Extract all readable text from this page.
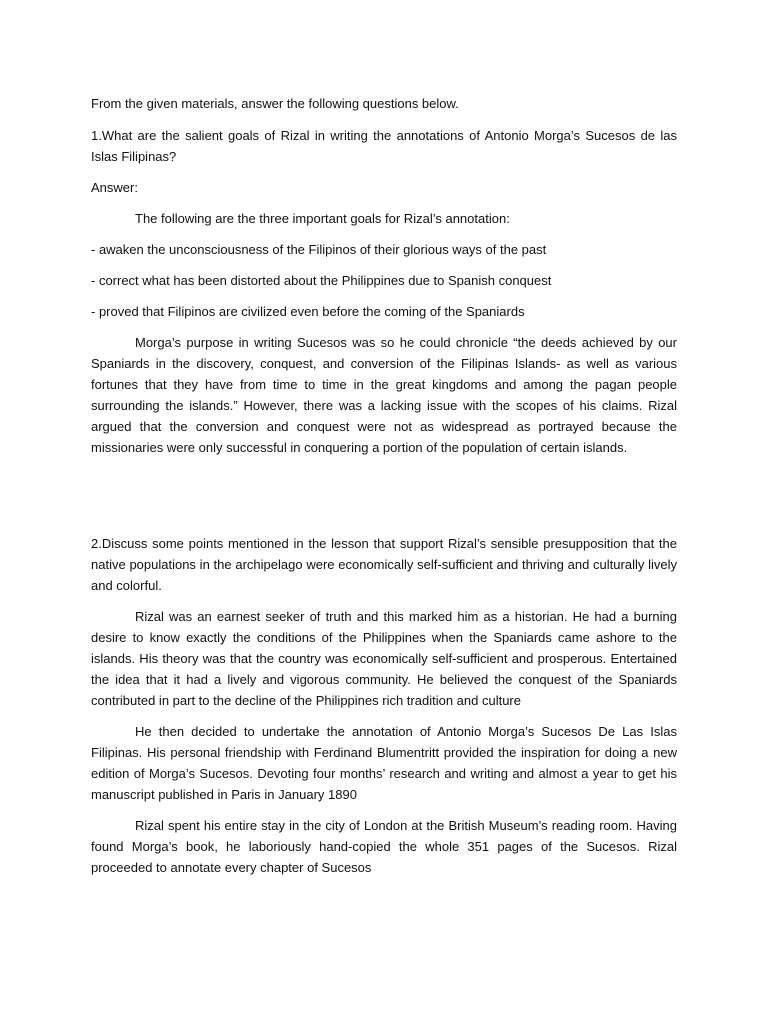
From the given materials, answer the following questions below.

1.What are the salient goals of Rizal in writing the annotations of Antonio Morga’s Sucesos de las Islas Filipinas?

Answer:

The following are the three important goals for Rizal’s annotation:

- awaken the unconsciousness of the Filipinos of their glorious ways of the past

- correct what has been distorted about the Philippines due to Spanish conquest

- proved that Filipinos are civilized even before the coming of the Spaniards

Morga’s purpose in writing Sucesos was so he could chronicle “the deeds achieved by our Spaniards in the discovery, conquest, and conversion of the Filipinas Islands- as well as various fortunes that they have from time to time in the great kingdoms and among the pagan people surrounding the islands.” However, there was a lacking issue with the scopes of his claims. Rizal argued that the conversion and conquest were not as widespread as portrayed because the missionaries were only successful in conquering a portion of the population of certain islands.

2.Discuss some points mentioned in the lesson that support Rizal’s sensible presupposition that the native populations in the archipelago were economically self-sufficient and thriving and culturally lively and colorful.

Rizal was an earnest seeker of truth and this marked him as a historian. He had a burning desire to know exactly the conditions of the Philippines when the Spaniards came ashore to the islands. His theory was that the country was economically self-sufficient and prosperous. Entertained the idea that it had a lively and vigorous community. He believed the conquest of the Spaniards contributed in part to the decline of the Philippines rich tradition and culture

He then decided to undertake the annotation of Antonio Morga’s Sucesos De Las Islas Filipinas. His personal friendship with Ferdinand Blumentritt provided the inspiration for doing a new edition of Morga’s Sucesos. Devoting four months’ research and writing and almost a year to get his manuscript published in Paris in January 1890

Rizal spent his entire stay in the city of London at the British Museum’s reading room. Having found Morga’s book, he laboriously hand-copied the whole 351 pages of the Sucesos. Rizal proceeded to annotate every chapter of Sucesos
